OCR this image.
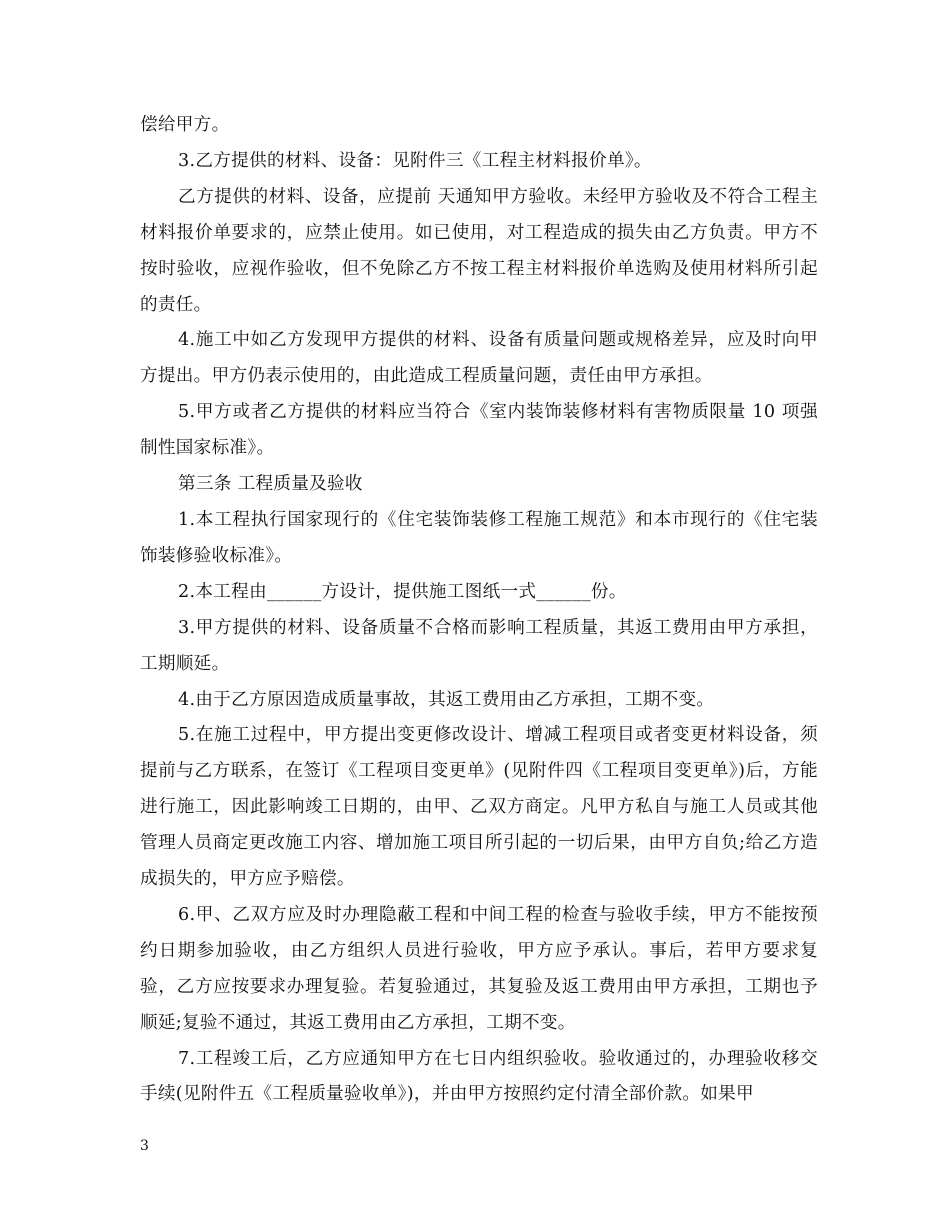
偿给甲方。

3.乙方提供的材料、设备：见附件三《工程主材料报价单》。

乙方提供的材料、设备，应提前 天通知甲方验收。未经甲方验收及不符合工程主材料报价单要求的，应禁止使用。如已使用，对工程造成的损失由乙方负责。甲方不按时验收，应视作验收，但不免除乙方不按工程主材料报价单选购及使用材料所引起的责任。

4.施工中如乙方发现甲方提供的材料、设备有质量问题或规格差异，应及时向甲方提出。甲方仍表示使用的，由此造成工程质量问题，责任由甲方承担。

5.甲方或者乙方提供的材料应当符合《室内装饰装修材料有害物质限量 10 项强制性国家标准》。

第三条 工程质量及验收

1.本工程执行国家现行的《住宅装饰装修工程施工规范》和本市现行的《住宅装饰装修验收标准》。

2.本工程由______方设计，提供施工图纸一式______份。

3.甲方提供的材料、设备质量不合格而影响工程质量，其返工费用由甲方承担，工期顺延。

4.由于乙方原因造成质量事故，其返工费用由乙方承担，工期不变。

5.在施工过程中，甲方提出变更修改设计、增减工程项目或者变更材料设备，须提前与乙方联系，在签订《工程项目变更单》(见附件四《工程项目变更单》)后，方能进行施工，因此影响竣工日期的，由甲、乙双方商定。凡甲方私自与施工人员或其他管理人员商定更改施工内容、增加施工项目所引起的一切后果，由甲方自负;给乙方造成损失的，甲方应予赔偿。

6.甲、乙双方应及时办理隐蔽工程和中间工程的检查与验收手续，甲方不能按预约日期参加验收，由乙方组织人员进行验收，甲方应予承认。事后，若甲方要求复验，乙方应按要求办理复验。若复验通过，其复验及返工费用由甲方承担，工期也予顺延;复验不通过，其返工费用由乙方承担，工期不变。

7.工程竣工后，乙方应通知甲方在七日内组织验收。验收通过的，办理验收移交手续(见附件五《工程质量验收单》)，并由甲方按照约定付清全部价款。如果甲

3
